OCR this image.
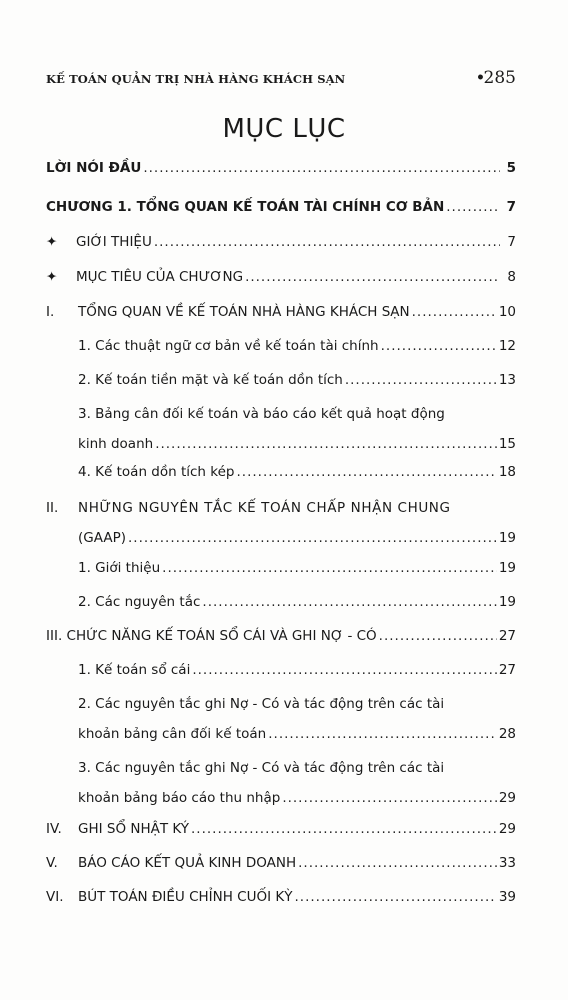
KẾ TOÁN QUẢN TRỊ NHÀ HÀNG KHÁCH SẠN	•
285
MỤC LỤC
LỜI NÓI ĐẦU .....	5
CHƯƠNG 1. TỔNG QUAN KẾ TOÁN TÀI CHÍNH CƠ BẢN .....	7
✦	GIỚI THIỆU .....	7
✦	MỤC TIÊU CỦA CHƯƠNG .....	8
I.	TỔNG QUAN VỀ KẾ TOÁN NHÀ HÀNG KHÁCH SẠN .....	10
1. Các thuật ngữ cơ bản về kế toán tài chính .....	12
2. Kế toán tiền mặt và kế toán dồn tích .....	13
3. Bảng cân đối kế toán và báo cáo kết quả hoạt động
kinh doanh .....	15
4. Kế toán dồn tích kép .....	18
II.	NHỮNG NGUYÊN TẮC KẾ TOÁN CHẤP NHẬN CHUNG
(GAAP) .....	19
1. Giới thiệu .....	19
2. Các nguyên tắc .....	19
III. CHỨC NĂNG KẾ TOÁN SỔ CÁI VÀ GHI NỢ - CÓ .....	27
1. Kế toán sổ cái .....	27
2. Các nguyên tắc ghi Nợ - Có và tác động trên các tài
khoản bảng cân đối kế toán .....	28
3. Các nguyên tắc ghi Nợ - Có và tác động trên các tài
khoản bảng báo cáo thu nhập .....	29
IV.	GHI SỔ NHẬT KÝ .....	29
V.	BÁO CÁO KẾT QUẢ KINH DOANH .....	33
VI.	BÚT TOÁN ĐIỀU CHỈNH CUỐI KỲ .....	39
